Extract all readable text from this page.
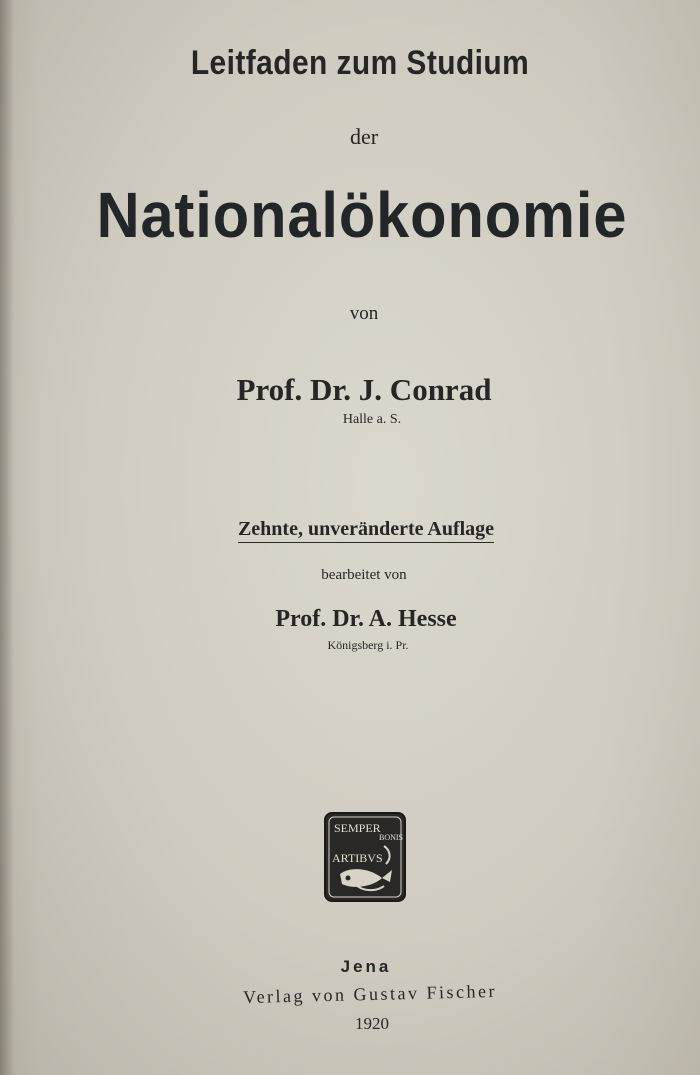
Leitfaden zum Studium
der
Nationalökonomie
von
Prof. Dr. J. Conrad
Halle a. S.
Zehnte, unveränderte Auflage
bearbeitet von
Prof. Dr. A. Hesse
Königsberg i. Pr.
SEMPER
BONIS
ARTIBVS
Jena
Verlag von Gustav Fischer
1920
